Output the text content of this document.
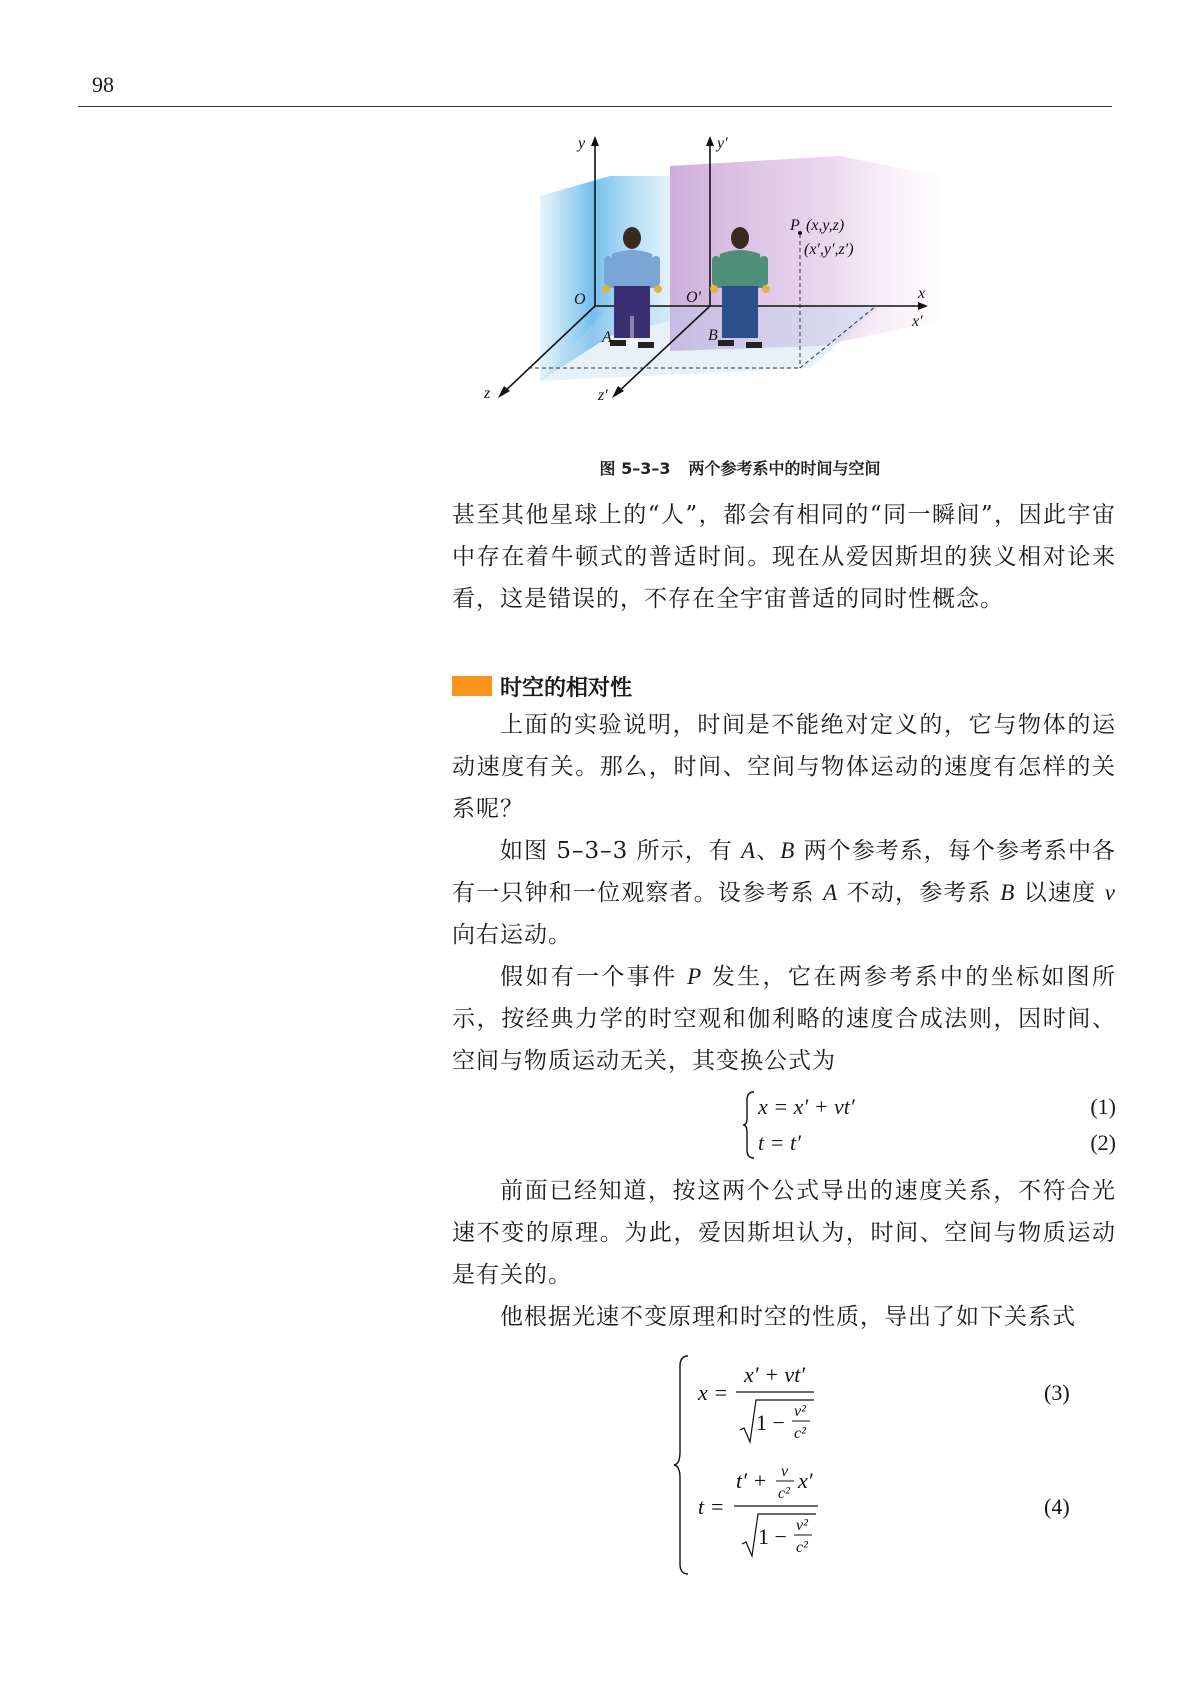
98
y	y′
x
x′
z	z′
O	O′
A	B
P (x,y,z)
(x′,y′,z′)
图 5–3–3 两个参考系中的时间与空间

甚至其他星球上的“人”，都会有相同的“同一瞬间”，因此宇宙中存在着牛顿式的普适时间。现在从爱因斯坦的狭义相对论来看，这是错误的，不存在全宇宙普适的同时性概念。

时空的相对性

上面的实验说明，时间是不能绝对定义的，它与物体的运动速度有关。那么，时间、空间与物体运动的速度有怎样的关系呢？

如图 5–3–3 所示，有 A、B 两个参考系，每个参考系中各有一只钟和一位观察者。设参考系 A 不动，参考系 B 以速度 v 向右运动。

假如有一个事件 P 发生，它在两参考系中的坐标如图所示，按经典力学的时空观和伽利略的速度合成法则，因时间、空间与物质运动无关，其变换公式为

x = x′ + vt′	(1)
t = t′	(2)

前面已经知道，按这两个公式导出的速度关系，不符合光速不变的原理。为此，爱因斯坦认为，时间、空间与物质运动是有关的。

他根据光速不变原理和时空的性质，导出了如下关系式

x =
x′ + vt′
1 − v²
c²
(3)
t =
t′ + v
c²
x′
1 − v²
c²
(4)
